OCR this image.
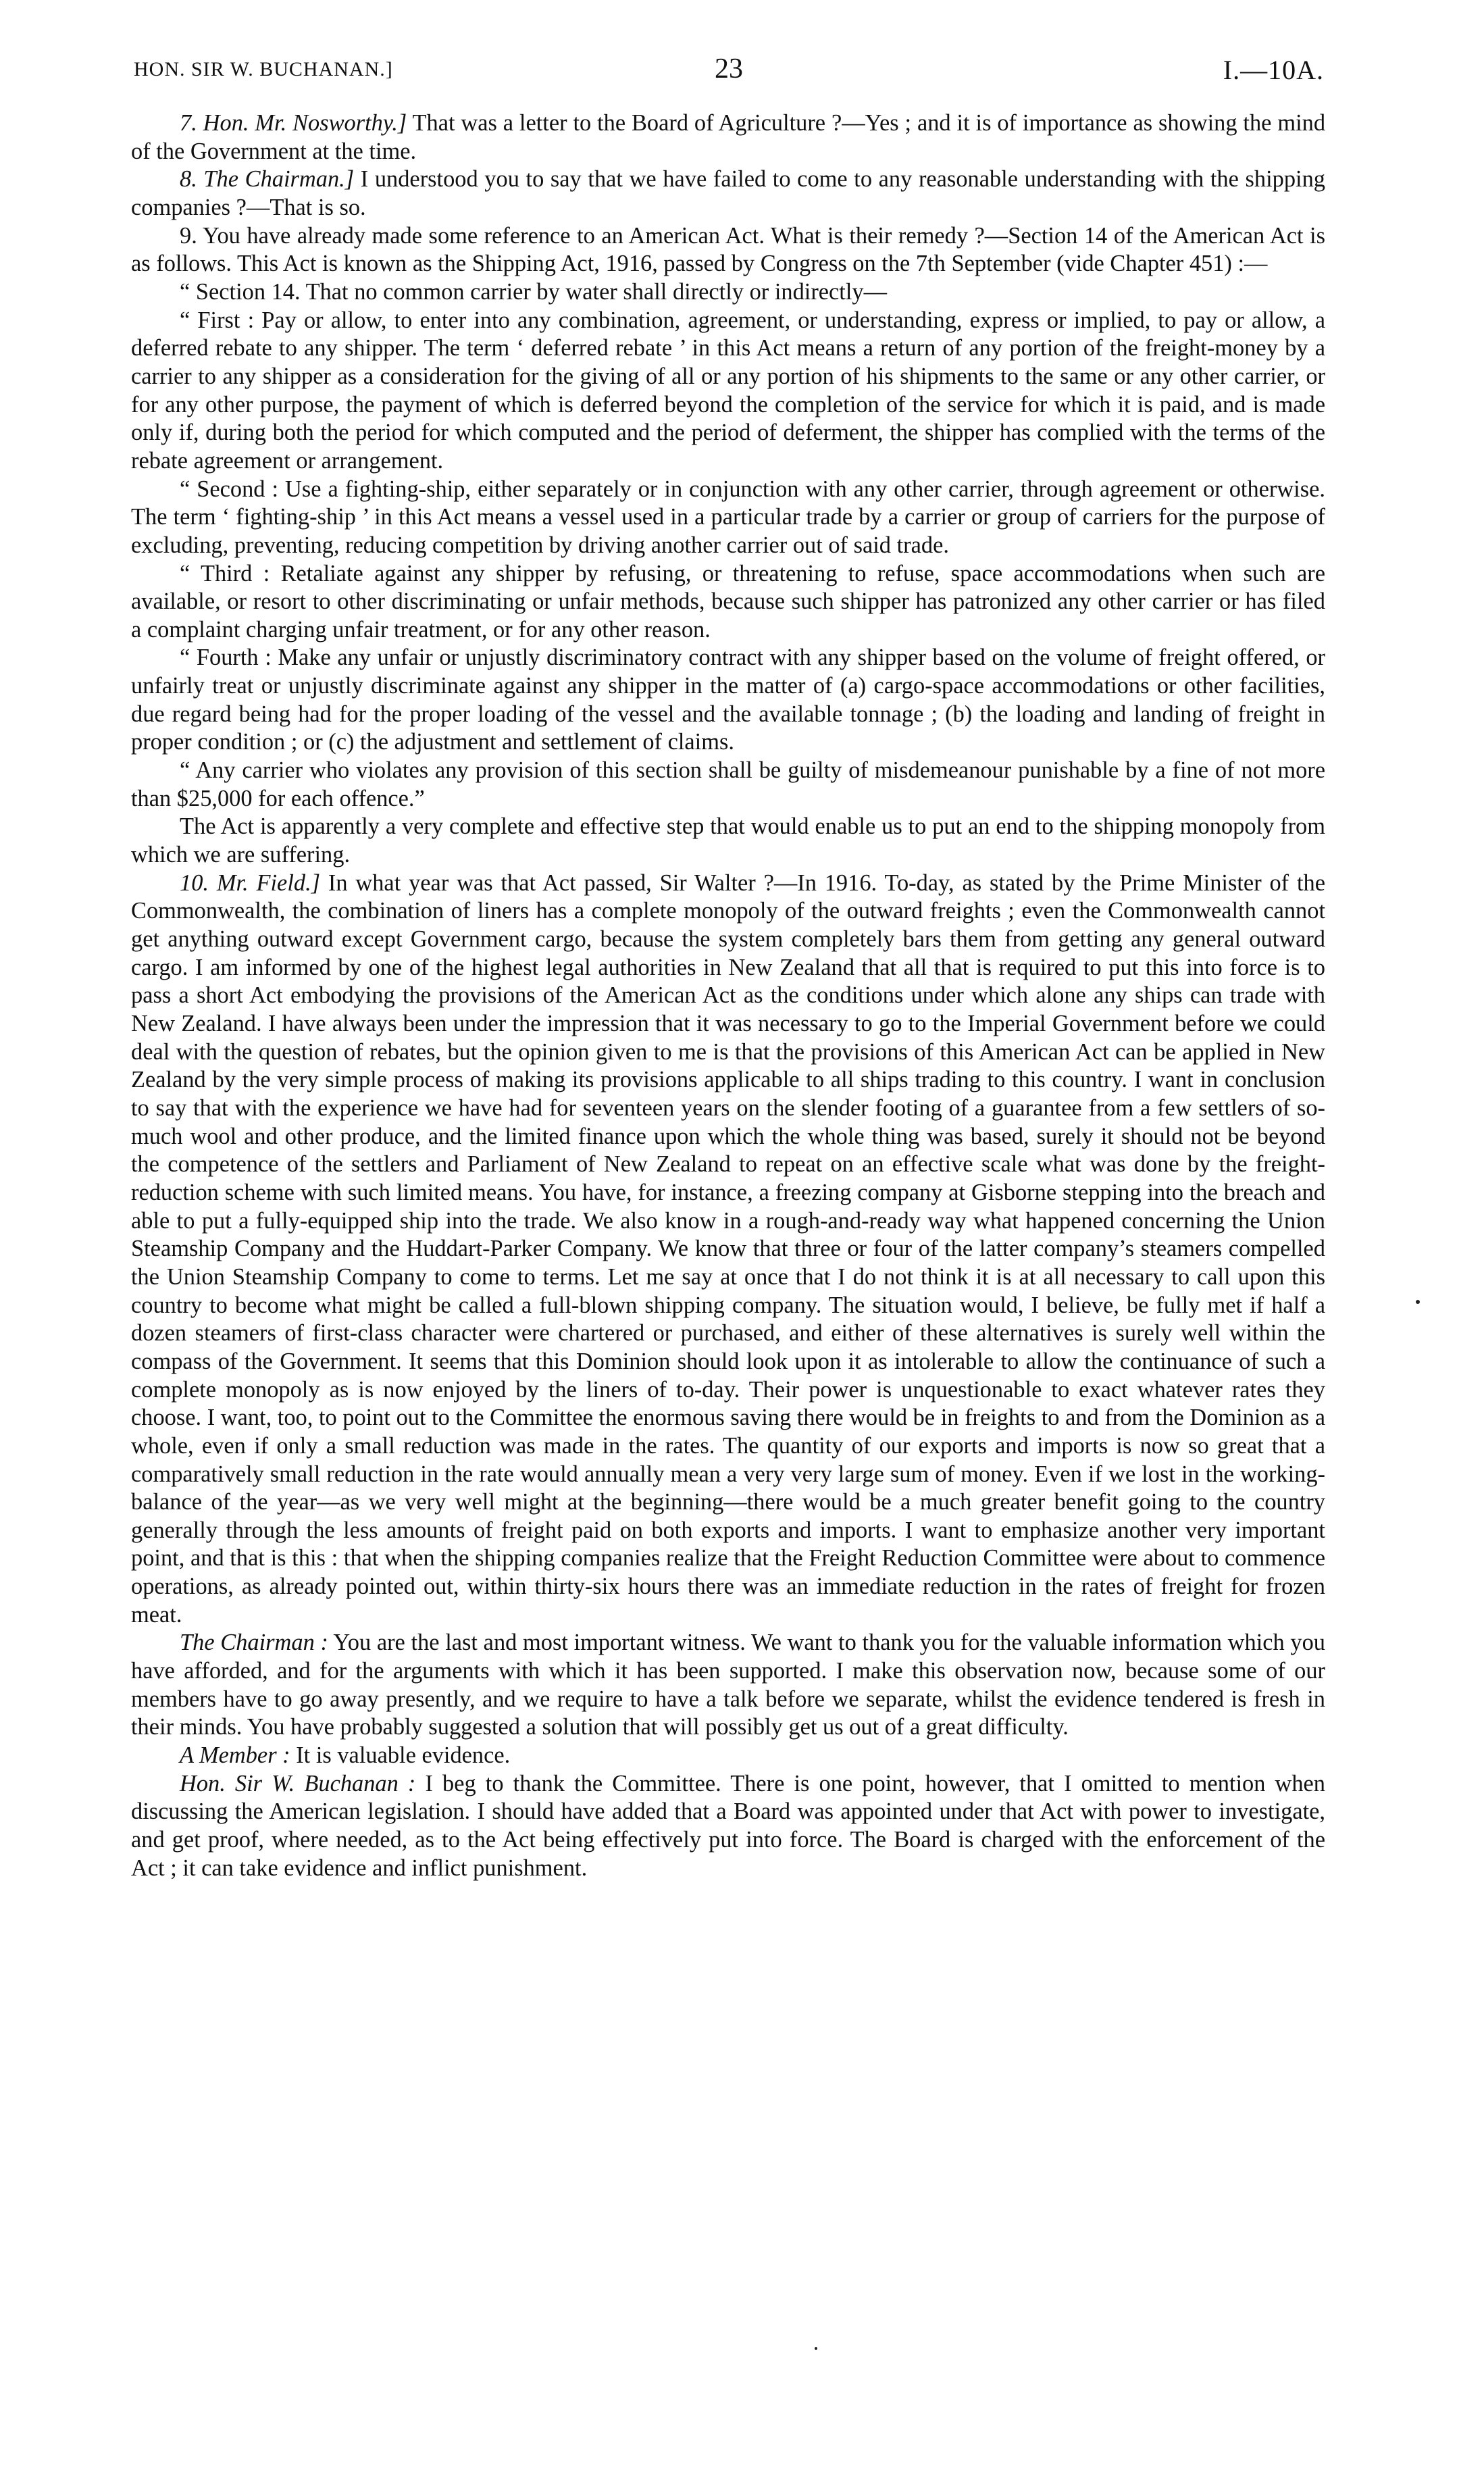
HON. SIR W. BUCHANAN.]	23	I.—10A.

7. Hon. Mr. Nosworthy.] That was a letter to the Board of Agriculture ?—Yes ; and it is of importance as showing the mind of the Government at the time.

8. The Chairman.] I understood you to say that we have failed to come to any reasonable understanding with the shipping companies ?—That is so.

9. You have already made some reference to an American Act. What is their remedy ?—Section 14 of the American Act is as follows. This Act is known as the Shipping Act, 1916, passed by Congress on the 7th September (vide Chapter 451) :—

“ Section 14. That no common carrier by water shall directly or indirectly—

“ First : Pay or allow, to enter into any combination, agreement, or understanding, express or implied, to pay or allow, a deferred rebate to any shipper. The term ‘ deferred rebate ’ in this Act means a return of any portion of the freight-money by a carrier to any shipper as a consideration for the giving of all or any portion of his shipments to the same or any other carrier, or for any other purpose, the payment of which is deferred beyond the completion of the service for which it is paid, and is made only if, during both the period for which computed and the period of deferment, the shipper has complied with the terms of the rebate agreement or arrangement.

“ Second : Use a fighting-ship, either separately or in conjunction with any other carrier, through agreement or otherwise. The term ‘ fighting-ship ’ in this Act means a vessel used in a particular trade by a carrier or group of carriers for the purpose of excluding, preventing, reducing competition by driving another carrier out of said trade.

“ Third : Retaliate against any shipper by refusing, or threatening to refuse, space accommodations when such are available, or resort to other discriminating or unfair methods, because such shipper has patronized any other carrier or has filed a complaint charging unfair treatment, or for any other reason.

“ Fourth : Make any unfair or unjustly discriminatory contract with any shipper based on the volume of freight offered, or unfairly treat or unjustly discriminate against any shipper in the matter of (a) cargo-space accommodations or other facilities, due regard being had for the proper loading of the vessel and the available tonnage ; (b) the loading and landing of freight in proper condition ; or (c) the adjustment and settlement of claims.

“ Any carrier who violates any provision of this section shall be guilty of misdemeanour punishable by a fine of not more than $25,000 for each offence.”

The Act is apparently a very complete and effective step that would enable us to put an end to the shipping monopoly from which we are suffering.

10. Mr. Field.] In what year was that Act passed, Sir Walter ?—In 1916. To-day, as stated by the Prime Minister of the Commonwealth, the combination of liners has a complete monopoly of the outward freights ; even the Commonwealth cannot get anything outward except Government cargo, because the system completely bars them from getting any general outward cargo. I am informed by one of the highest legal authorities in New Zealand that all that is required to put this into force is to pass a short Act embodying the provisions of the American Act as the conditions under which alone any ships can trade with New Zealand. I have always been under the impression that it was necessary to go to the Imperial Government before we could deal with the question of rebates, but the opinion given to me is that the provisions of this American Act can be applied in New Zealand by the very simple process of making its provisions applicable to all ships trading to this country. I want in conclusion to say that with the experience we have had for seventeen years on the slender footing of a guarantee from a few settlers of so-much wool and other produce, and the limited finance upon which the whole thing was based, surely it should not be beyond the competence of the settlers and Parliament of New Zealand to repeat on an effective scale what was done by the freight-reduction scheme with such limited means. You have, for instance, a freezing company at Gisborne stepping into the breach and able to put a fully-equipped ship into the trade. We also know in a rough-and-ready way what happened concerning the Union Steamship Company and the Huddart-Parker Company. We know that three or four of the latter company’s steamers compelled the Union Steamship Company to come to terms. Let me say at once that I do not think it is at all necessary to call upon this country to become what might be called a full-blown shipping company. The situation would, I believe, be fully met if half a dozen steamers of first-class character were chartered or purchased, and either of these alternatives is surely well within the compass of the Government. It seems that this Dominion should look upon it as intolerable to allow the continuance of such a complete monopoly as is now enjoyed by the liners of to-day. Their power is unquestionable to exact whatever rates they choose. I want, too, to point out to the Committee the enormous saving there would be in freights to and from the Dominion as a whole, even if only a small reduction was made in the rates. The quantity of our exports and imports is now so great that a comparatively small reduction in the rate would annually mean a very very large sum of money. Even if we lost in the working-balance of the year—as we very well might at the beginning—there would be a much greater benefit going to the country generally through the less amounts of freight paid on both exports and imports. I want to emphasize another very important point, and that is this : that when the shipping companies realize that the Freight Reduction Committee were about to commence operations, as already pointed out, within thirty-six hours there was an immediate reduction in the rates of freight for frozen meat.

The Chairman : You are the last and most important witness. We want to thank you for the valuable information which you have afforded, and for the arguments with which it has been supported. I make this observation now, because some of our members have to go away presently, and we require to have a talk before we separate, whilst the evidence tendered is fresh in their minds. You have probably suggested a solution that will possibly get us out of a great difficulty.

A Member : It is valuable evidence.

Hon. Sir W. Buchanan : I beg to thank the Committee. There is one point, however, that I omitted to mention when discussing the American legislation. I should have added that a Board was appointed under that Act with power to investigate, and get proof, where needed, as to the Act being effectively put into force. The Board is charged with the enforcement of the Act ; it can take evidence and inflict punishment.
